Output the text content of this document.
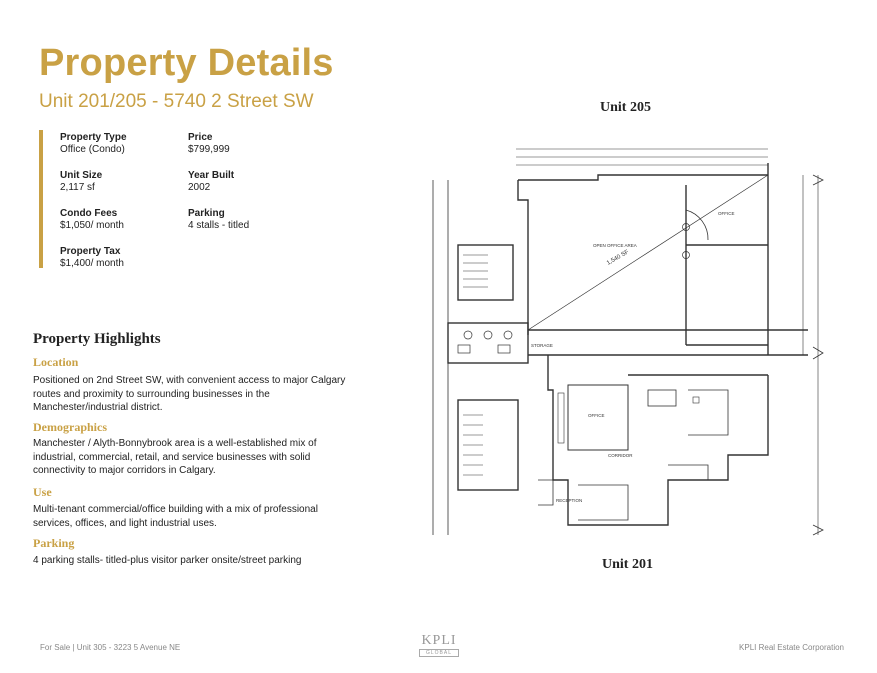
Property Details
Unit 201/205 - 5740 2 Street SW
Property Type
Office (Condo)
Price
$799,999
Unit Size
2,117 sf
Year Built
2002
Condo Fees
$1,050/ month
Parking
4 stalls - titled
Property Tax
$1,400/ month
Property Highlights
Location
Positioned on 2nd Street SW, with convenient access to major Calgary routes and proximity to surrounding businesses in the Manchester/industrial district.
Demographics
Manchester / Alyth-Bonnybrook area is a well-established mix of industrial, commercial, retail, and service businesses with solid connectivity to major corridors in Calgary.
Use
Multi-tenant commercial/office building with a mix of professional services, offices, and light industrial uses.
Parking
4 parking stalls- titled-plus visitor parker onsite/street parking
Unit 205
Unit 201
OPEN OFFICE AREA
1,540 SF
OFFICE
OFFICE
CORRIDOR
STORAGE
RECEPTION
For Sale | Unit 305 - 3223 5 Avenue NE	KPLI
GLOBAL
KPLI Real Estate Corporation
